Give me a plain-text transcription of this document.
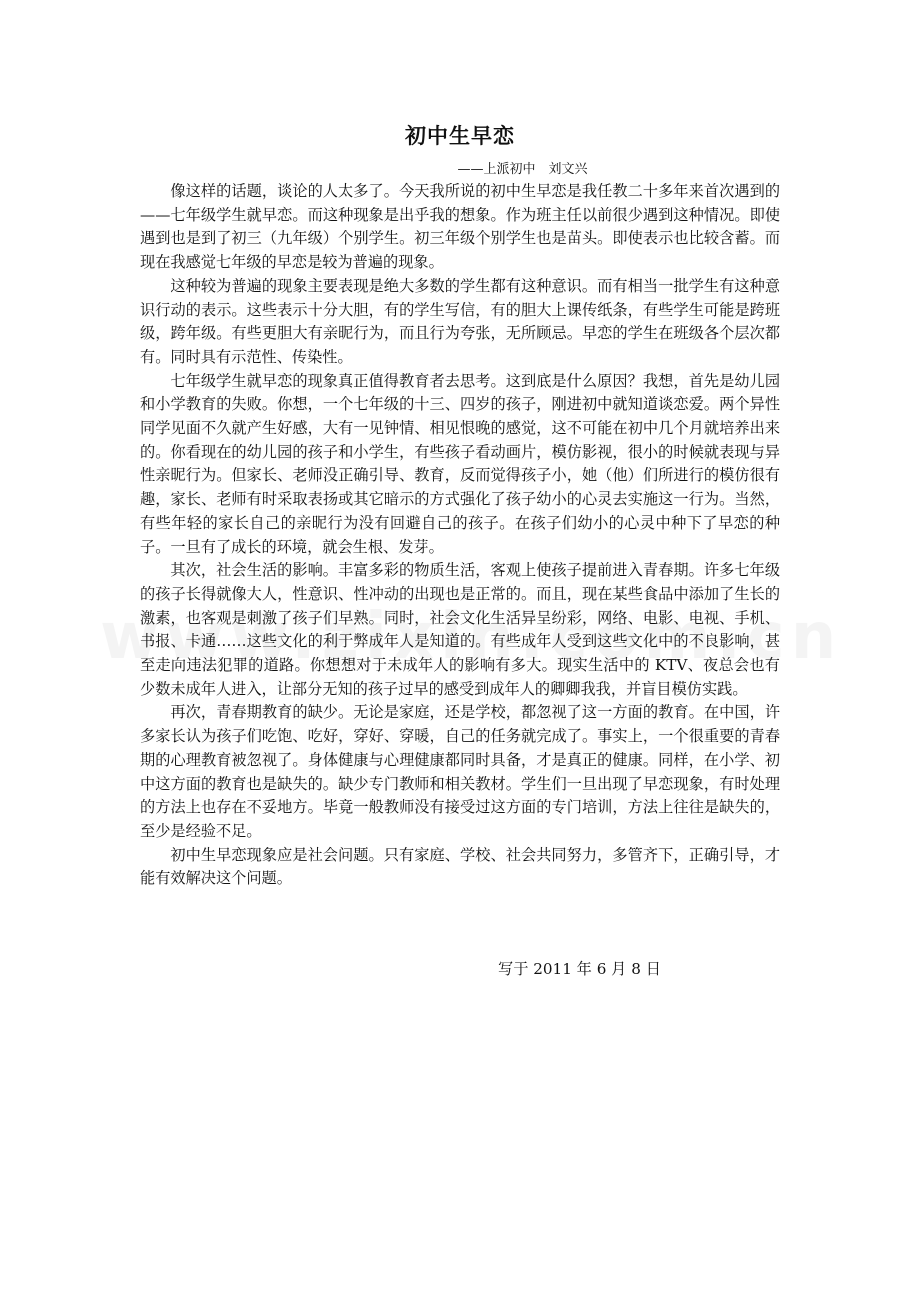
初中生早恋

——上派初中　刘文兴

像这样的话题，谈论的人太多了。今天我所说的初中生早恋是我任教二十多年来首次遇到的——七年级学生就早恋。而这种现象是出乎我的想象。作为班主任以前很少遇到这种情况。即使遇到也是到了初三（九年级）个别学生。初三年级个别学生也是苗头。即使表示也比较含蓄。而现在我感觉七年级的早恋是较为普遍的现象。

这种较为普遍的现象主要表现是绝大多数的学生都有这种意识。而有相当一批学生有这种意识行动的表示。这些表示十分大胆，有的学生写信，有的胆大上课传纸条，有些学生可能是跨班级，跨年级。有些更胆大有亲昵行为，而且行为夸张，无所顾忌。早恋的学生在班级各个层次都有。同时具有示范性、传染性。

七年级学生就早恋的现象真正值得教育者去思考。这到底是什么原因？我想，首先是幼儿园和小学教育的失败。你想，一个七年级的十三、四岁的孩子，刚进初中就知道谈恋爱。两个异性同学见面不久就产生好感，大有一见钟情、相见恨晚的感觉，这不可能在初中几个月就培养出来的。你看现在的幼儿园的孩子和小学生，有些孩子看动画片，模仿影视，很小的时候就表现与异性亲昵行为。但家长、老师没正确引导、教育，反而觉得孩子小，她（他）们所进行的模仿很有趣，家长、老师有时采取表扬或其它暗示的方式强化了孩子幼小的心灵去实施这一行为。当然，有些年轻的家长自己的亲昵行为没有回避自己的孩子。在孩子们幼小的心灵中种下了早恋的种子。一旦有了成长的环境，就会生根、发芽。

其次，社会生活的影响。丰富多彩的物质生活，客观上使孩子提前进入青春期。许多七年级的孩子长得就像大人，性意识、性冲动的出现也是正常的。而且，现在某些食品中添加了生长的激素，也客观是刺激了孩子们早熟。同时，社会文化生活异呈纷彩，网络、电影、电视、手机、书报、卡通……这些文化的利于弊成年人是知道的。有些成年人受到这些文化中的不良影响，甚至走向违法犯罪的道路。你想想对于未成年人的影响有多大。现实生活中的 KTV、夜总会也有少数未成年人进入，让部分无知的孩子过早的感受到成年人的卿卿我我，并盲目模仿实践。

再次，青春期教育的缺少。无论是家庭，还是学校，都忽视了这一方面的教育。在中国，许多家长认为孩子们吃饱、吃好，穿好、穿暖，自己的任务就完成了。事实上，一个很重要的青春期的心理教育被忽视了。身体健康与心理健康都同时具备，才是真正的健康。同样，在小学、初中这方面的教育也是缺失的。缺少专门教师和相关教材。学生们一旦出现了早恋现象，有时处理的方法上也存在不妥地方。毕竟一般教师没有接受过这方面的专门培训，方法上往往是缺失的，至少是经验不足。

初中生早恋现象应是社会问题。只有家庭、学校、社会共同努力，多管齐下，正确引导，才能有效解决这个问题。

写于 2011 年 6 月 8 日
